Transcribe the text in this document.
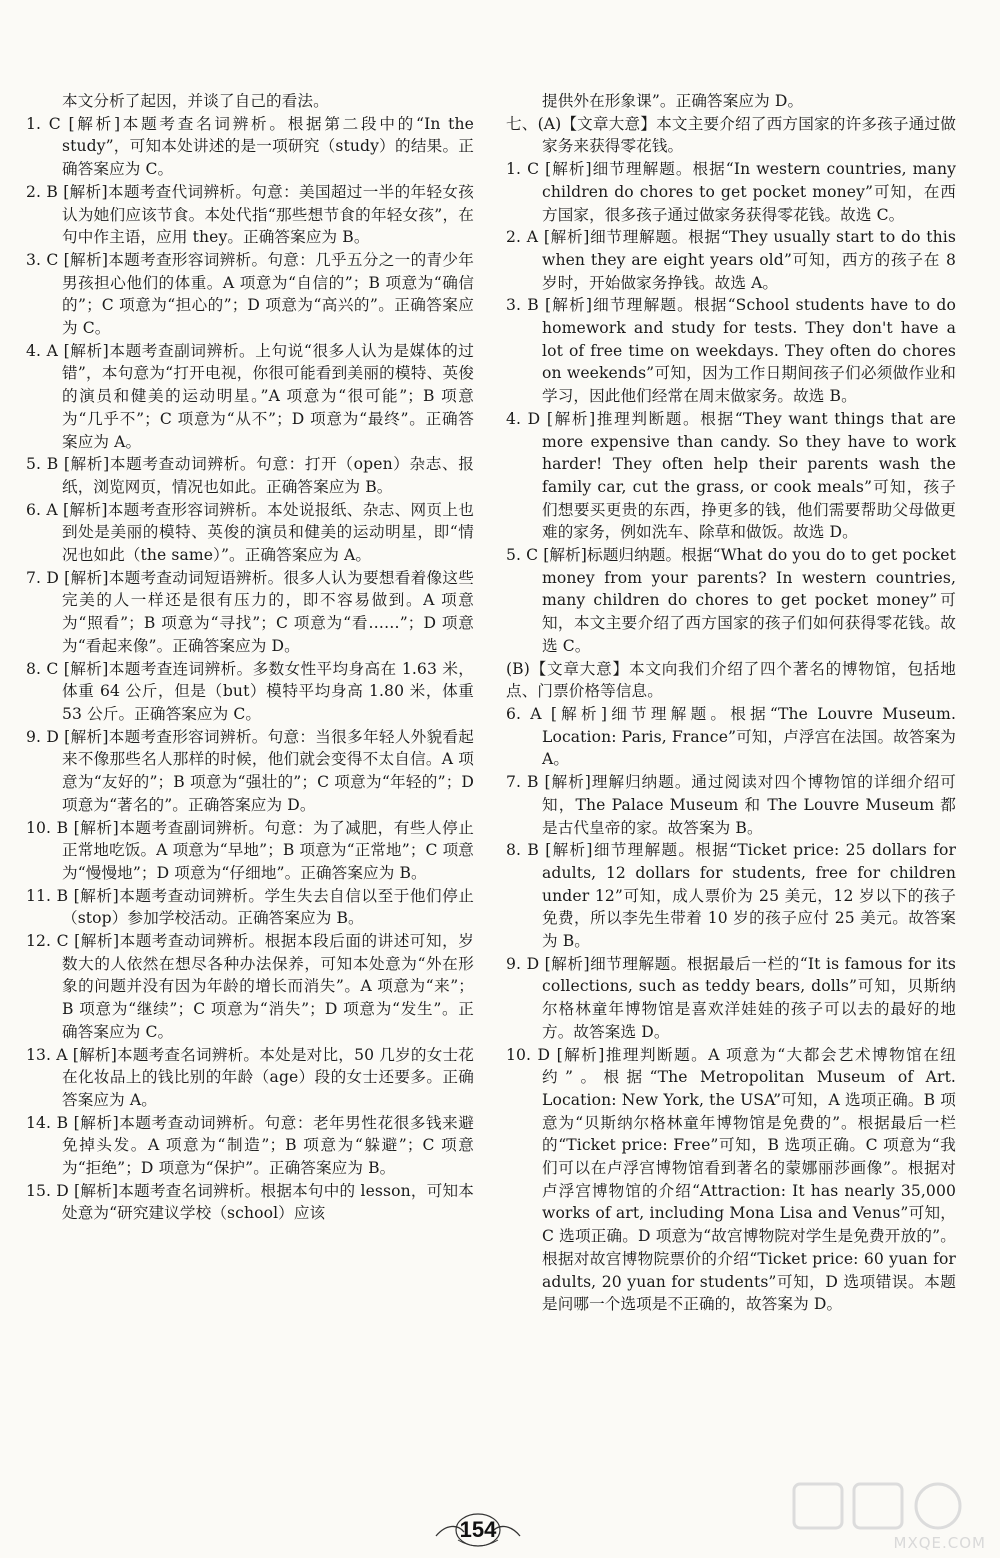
本文分析了起因，并谈了自己的看法。

1. C [解析]本题考查名词辨析。根据第二段中的“In the study”，可知本处讲述的是一项研究（study）的结果。正确答案应为 C。

2. B [解析]本题考查代词辨析。句意：美国超过一半的年轻女孩认为她们应该节食。本处代指“那些想节食的年轻女孩”，在句中作主语，应用 they。正确答案应为 B。

3. C [解析]本题考查形容词辨析。句意：几乎五分之一的青少年男孩担心他们的体重。A 项意为“自信的”；B 项意为“确信的”；C 项意为“担心的”；D 项意为“高兴的”。正确答案应为 C。

4. A [解析]本题考查副词辨析。上句说“很多人认为是媒体的过错”，本句意为“打开电视，你很可能看到美丽的模特、英俊的演员和健美的运动明星。”A 项意为“很可能”；B 项意为“几乎不”；C 项意为“从不”；D 项意为“最终”。正确答案应为 A。

5. B [解析]本题考查动词辨析。句意：打开（open）杂志、报纸，浏览网页，情况也如此。正确答案应为 B。

6. A [解析]本题考查形容词辨析。本处说报纸、杂志、网页上也到处是美丽的模特、英俊的演员和健美的运动明星，即“情况也如此（the same）”。正确答案应为 A。

7. D [解析]本题考查动词短语辨析。很多人认为要想看着像这些完美的人一样还是很有压力的，即不容易做到。A 项意为“照看”；B 项意为“寻找”；C 项意为“看……”；D 项意为“看起来像”。正确答案应为 D。

8. C [解析]本题考查连词辨析。多数女性平均身高在 1.63 米，体重 64 公斤，但是（but）模特平均身高 1.80 米，体重 53 公斤。正确答案应为 C。

9. D [解析]本题考查形容词辨析。句意：当很多年轻人外貌看起来不像那些名人那样的时候，他们就会变得不太自信。A 项意为“友好的”；B 项意为“强壮的”；C 项意为“年轻的”；D 项意为“著名的”。正确答案应为 D。

10. B [解析]本题考查副词辨析。句意：为了减肥，有些人停止正常地吃饭。A 项意为“早地”；B 项意为“正常地”；C 项意为“慢慢地”；D 项意为“仔细地”。正确答案应为 B。

11. B [解析]本题考查动词辨析。学生失去自信以至于他们停止（stop）参加学校活动。正确答案应为 B。

12. C [解析]本题考查动词辨析。根据本段后面的讲述可知，岁数大的人依然在想尽各种办法保养，可知本处意为“外在形象的问题并没有因为年龄的增长而消失”。A 项意为“来”；B 项意为“继续”；C 项意为“消失”；D 项意为“发生”。正确答案应为 C。

13. A [解析]本题考查名词辨析。本处是对比，50 几岁的女士花在化妆品上的钱比别的年龄（age）段的女士还要多。正确答案应为 A。

14. B [解析]本题考查动词辨析。句意：老年男性花很多钱来避免掉头发。A 项意为“制造”；B 项意为“躲避”；C 项意为“拒绝”；D 项意为“保护”。正确答案应为 B。

15. D [解析]本题考查名词辨析。根据本句中的 lesson，可知本处意为“研究建议学校（school）应该

提供外在形象课”。正确答案应为 D。

七、(A)【文章大意】本文主要介绍了西方国家的许多孩子通过做家务来获得零花钱。

1. C [解析]细节理解题。根据“In western countries, many children do chores to get pocket money”可知，在西方国家，很多孩子通过做家务获得零花钱。故选 C。

2. A [解析]细节理解题。根据“They usually start to do this when they are eight years old”可知，西方的孩子在 8 岁时，开始做家务挣钱。故选 A。

3. B [解析]细节理解题。根据“School students have to do homework and study for tests. They don't have a lot of free time on weekdays. They often do chores on weekends”可知，因为工作日期间孩子们必须做作业和学习，因此他们经常在周末做家务。故选 B。

4. D [解析]推理判断题。根据“They want things that are more expensive than candy. So they have to work harder! They often help their parents wash the family car, cut the grass, or cook meals”可知，孩子们想要买更贵的东西，挣更多的钱，他们需要帮助父母做更难的家务，例如洗车、除草和做饭。故选 D。

5. C [解析]标题归纳题。根据“What do you do to get pocket money from your parents? In western countries, many children do chores to get pocket money”可知，本文主要介绍了西方国家的孩子们如何获得零花钱。故选 C。

(B)【文章大意】本文向我们介绍了四个著名的博物馆，包括地点、门票价格等信息。

6. A [解析]细节理解题。根据“The Louvre Museum. Location: Paris, France”可知，卢浮宫在法国。故答案为 A。

7. B [解析]理解归纳题。通过阅读对四个博物馆的详细介绍可知，The Palace Museum 和 The Louvre Museum 都是古代皇帝的家。故答案为 B。

8. B [解析]细节理解题。根据“Ticket price: 25 dollars for adults, 12 dollars for students, free for children under 12”可知，成人票价为 25 美元，12 岁以下的孩子免费，所以李先生带着 10 岁的孩子应付 25 美元。故答案为 B。

9. D [解析]细节理解题。根据最后一栏的“It is famous for its collections, such as teddy bears, dolls”可知，贝斯纳尔格林童年博物馆是喜欢洋娃娃的孩子可以去的最好的地方。故答案选 D。

10. D [解析]推理判断题。A 项意为“大都会艺术博物馆在纽约”。根据“The Metropolitan Museum of Art. Location: New York, the USA”可知，A 选项正确。B 项意为“贝斯纳尔格林童年博物馆是免费的”。根据最后一栏的“Ticket price: Free”可知，B 选项正确。C 项意为“我们可以在卢浮宫博物馆看到著名的蒙娜丽莎画像”。根据对卢浮宫博物馆的介绍“Attraction: It has nearly 35,000 works of art, including Mona Lisa and Venus”可知，C 选项正确。D 项意为“故宫博物院对学生是免费开放的”。根据对故宫博物院票价的介绍“Ticket price: 60 yuan for adults, 20 yuan for students”可知，D 选项错误。本题是问哪一个选项是不正确的，故答案为 D。

154
MXQE.COM
